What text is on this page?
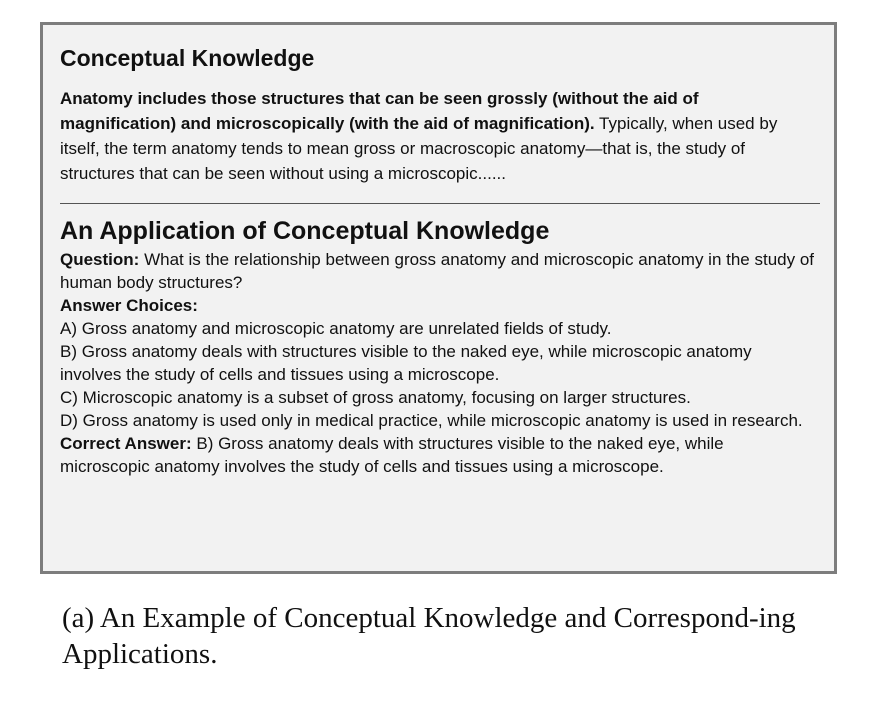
Conceptual Knowledge
Anatomy includes those structures that can be seen grossly (without the aid of magnification) and microscopically (with the aid of magnification). Typically, when used by itself, the term anatomy tends to mean gross or macroscopic anatomy—that is, the study of structures that can be seen without using a microscopic......
An Application of Conceptual Knowledge
Question: What is the relationship between gross anatomy and microscopic anatomy in the study of human body structures?
Answer Choices:
A) Gross anatomy and microscopic anatomy are unrelated fields of study.
B) Gross anatomy deals with structures visible to the naked eye, while microscopic anatomy involves the study of cells and tissues using a microscope.
C) Microscopic anatomy is a subset of gross anatomy, focusing on larger structures.
D) Gross anatomy is used only in medical practice, while microscopic anatomy is used in research.
Correct Answer: B) Gross anatomy deals with structures visible to the naked eye, while microscopic anatomy involves the study of cells and tissues using a microscope.
(a) An Example of Conceptual Knowledge and Correspond-ing Applications.
